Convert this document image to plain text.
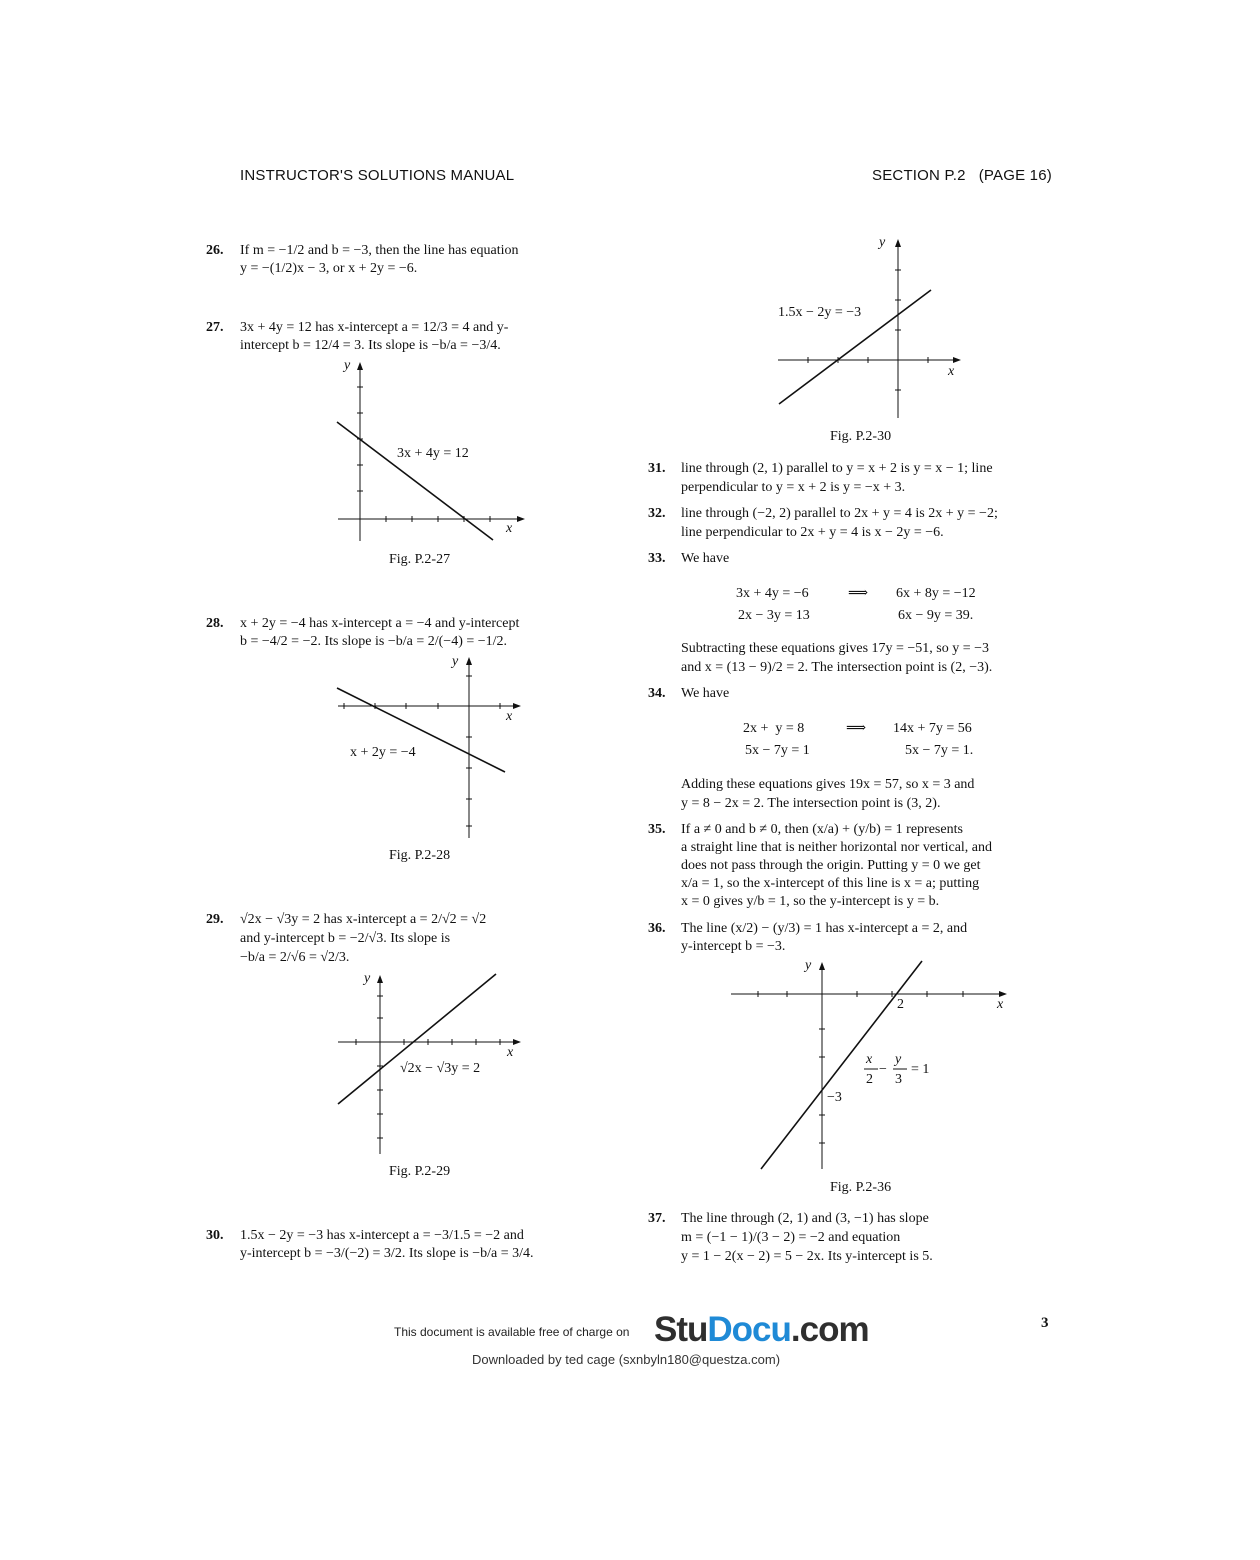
INSTRUCTOR'S SOLUTIONS MANUAL	SECTION P.2   (PAGE 16)
26. If m = −1/2 and b = −3, then the line has equation
y = −(1/2)x − 3, or x + 2y = −6.
27. 3x + 4y = 12 has x-intercept a = 12/3 = 4 and y-
intercept b = 12/4 = 3. Its slope is −b/a = −3/4.
x
y
3x + 4y = 12
Fig. P.2-27
28. x + 2y = −4 has x-intercept a = −4 and y-intercept
b = −4/2 = −2. Its slope is −b/a = 2/(−4) = −1/2.
x
y
x + 2y = −4
Fig. P.2-28
29. √2x − √3y = 2 has x-intercept a = 2/√2 = √2
and y-intercept b = −2/√3. Its slope is
−b/a = 2/√6 = √2/3.
x
y
√2x − √3y = 2
Fig. P.2-29
30. 1.5x − 2y = −3 has x-intercept a = −3/1.5 = −2 and
y-intercept b = −3/(−2) = 3/2. Its slope is −b/a = 3/4.
x
y
1.5x − 2y = −3
Fig. P.2-30
31. line through (2, 1) parallel to y = x + 2 is y = x − 1; line
perpendicular to y = x + 2 is y = −x + 3.
32. line through (−2, 2) parallel to 2x + y = 4 is 2x + y = −2;
line perpendicular to 2x + y = 4 is x − 2y = −6.
33. We have
3x + 4y = −6	⟹ 6x + 8y = −12
2x − 3y = 13	6x − 9y = 39.
Subtracting these equations gives 17y = −51, so y = −3
and x = (13 − 9)/2 = 2. The intersection point is (2, −3).
34. We have
2x +  y = 8	⟹ 14x + 7y = 56
5x − 7y = 1	5x − 7y = 1.
Adding these equations gives 19x = 57, so x = 3 and
y = 8 − 2x = 2. The intersection point is (3, 2).
35. If a ≠ 0 and b ≠ 0, then (x/a) + (y/b) = 1 represents
a straight line that is neither horizontal nor vertical, and
does not pass through the origin. Putting y = 0 we get
x/a = 1, so the x-intercept of this line is x = a; putting
x = 0 gives y/b = 1, so the y-intercept is y = b.
36. The line (x/2) − (y/3) = 1 has x-intercept a = 2, and
y-intercept b = −3.
x
y
2
−3
x
2
−
y
3
= 1
Fig. P.2-36
37. The line through (2, 1) and (3, −1) has slope
m = (−1 − 1)/(3 − 2) = −2 and equation
y = 1 − 2(x − 2) = 5 − 2x. Its y-intercept is 5.
3
This document is available free of charge on StuDocu.com
Downloaded by ted cage (sxnbyln180@questza.com)
